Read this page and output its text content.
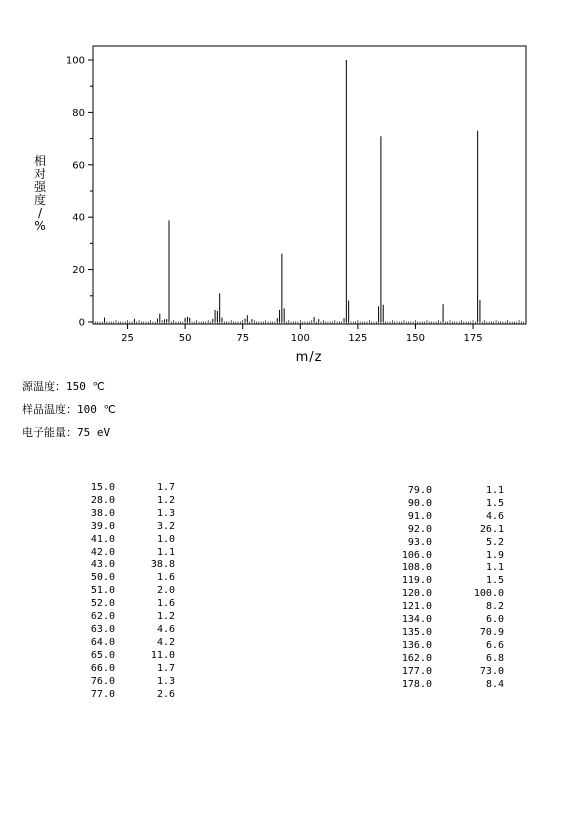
0
20
40
60
80
100
25	50	75	100	125	150	175
m/z
相对强度/ %
源温度：150 ℃
样品温度：100 ℃
电子能量：75 eV
15.0	1.7
28.0	1.2
38.0	1.3
39.0	3.2
41.0	1.0
42.0	1.1
43.0	38.8
50.0	1.6
51.0	2.0
52.0	1.6
62.0	1.2
63.0	4.6
64.0	4.2
65.0	11.0
66.0	1.7
76.0	1.3
77.0	2.6
79.0	1.1
90.0	1.5
91.0	4.6
92.0	26.1
93.0	5.2
106.0	1.9
108.0	1.1
119.0	1.5
120.0	100.0
121.0	8.2
134.0	6.0
135.0	70.9
136.0	6.6
162.0	6.8
177.0	73.0
178.0	8.4
